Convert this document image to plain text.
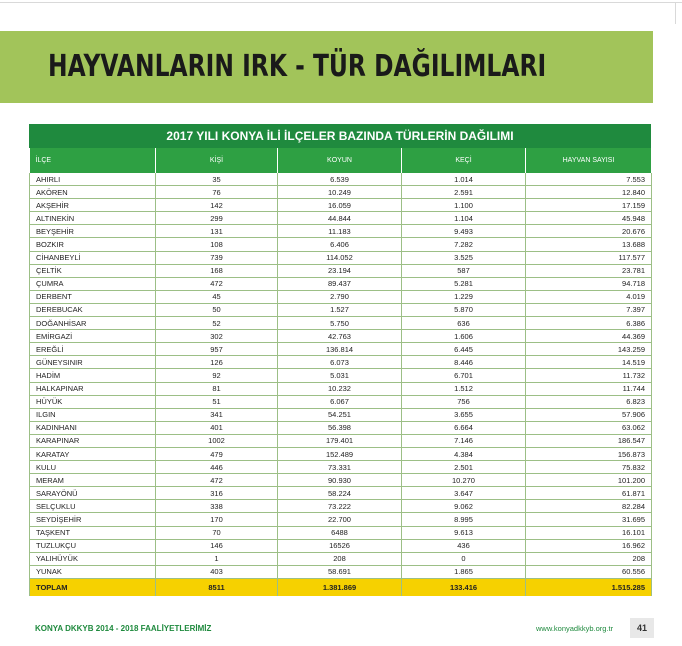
HAYVANLARIN IRK - TÜR DAĞILIMLARI
2017 YILI KONYA İLİ İLÇELER BAZINDA TÜRLERİN DAĞILIMI
İLÇE	KİŞİ	KOYUN	KEÇİ	HAYVAN SAYISI
AHIRLI	35	6.539	1.014	7.553
AKÖREN	76	10.249	2.591	12.840
AKŞEHİR	142	16.059	1.100	17.159
ALTINEKİN	299	44.844	1.104	45.948
BEYŞEHİR	131	11.183	9.493	20.676
BOZKIR	108	6.406	7.282	13.688
CİHANBEYLİ	739	114.052	3.525	117.577
ÇELTİK	168	23.194	587	23.781
ÇUMRA	472	89.437	5.281	94.718
DERBENT	45	2.790	1.229	4.019
DEREBUCAK	50	1.527	5.870	7.397
DOĞANHİSAR	52	5.750	636	6.386
EMİRGAZİ	302	42.763	1.606	44.369
EREĞLİ	957	136.814	6.445	143.259
GÜNEYSINIR	126	6.073	8.446	14.519
HADİM	92	5.031	6.701	11.732
HALKAPINAR	81	10.232	1.512	11.744
HÜYÜK	51	6.067	756	6.823
ILGIN	341	54.251	3.655	57.906
KADINHANI	401	56.398	6.664	63.062
KARAPINAR	1002	179.401	7.146	186.547
KARATAY	479	152.489	4.384	156.873
KULU	446	73.331	2.501	75.832
MERAM	472	90.930	10.270	101.200
SARAYÖNÜ	316	58.224	3.647	61.871
SELÇUKLU	338	73.222	9.062	82.284
SEYDİŞEHİR	170	22.700	8.995	31.695
TAŞKENT	70	6488	9.613	16.101
TUZLUKÇU	146	16526	436	16.962
YALIHÜYÜK	1	208	0	208
YUNAK	403	58.691	1.865	60.556
TOPLAM	8511	1.381.869	133.416	1.515.285
KONYA DKKYB 2014 - 2018 FAALİYETLERİMİZ	www.konyadkkyb.org.tr	41
